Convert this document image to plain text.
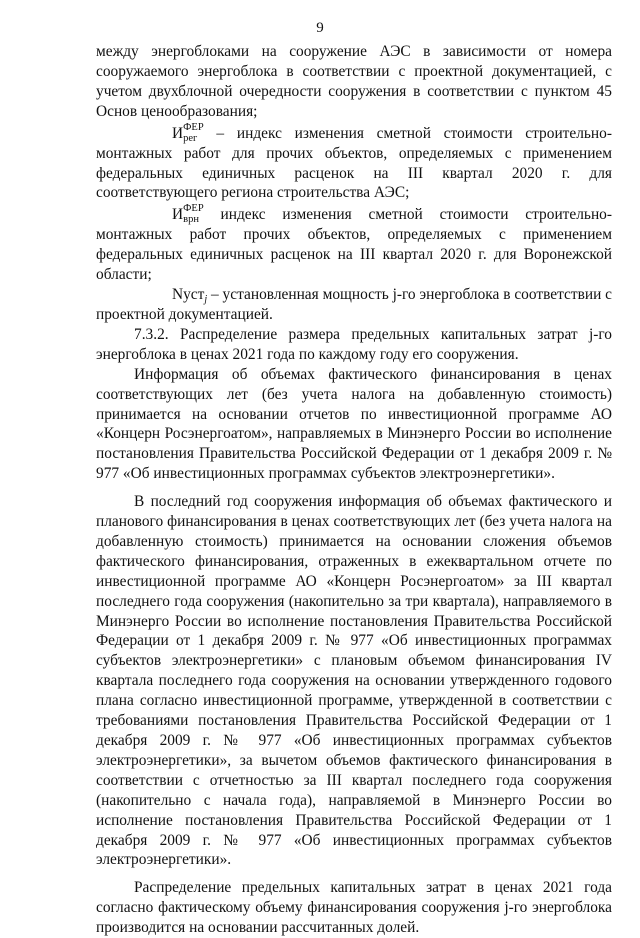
9

между энергоблоками на сооружение АЭС в зависимости от номера сооружаемого энергоблока в соответствии с проектной документацией, с учетом двухблочной очередности сооружения в соответствии с пунктом 45 Основ ценообразования;

И ФЕР
рег – индекс изменения сметной стоимости строительно-монтажных работ для прочих объектов, определяемых с применением федеральных единичных расценок на III квартал 2020 г. для соответствующего региона строительства АЭС;

И ФЕР
врн индекс изменения сметной стоимости строительно-монтажных работ прочих объектов, определяемых с применением федеральных единичных расценок на III квартал 2020 г. для Воронежской области;

Nуст$_j$ – установленная мощность j-го энергоблока в соответствии с проектной документацией.

7.3.2. Распределение размера предельных капитальных затрат j-го энергоблока в ценах 2021 года по каждому году его сооружения.

Информация об объемах фактического финансирования в ценах соответствующих лет (без учета налога на добавленную стоимость) принимается на основании отчетов по инвестиционной программе АО «Концерн Росэнергоатом», направляемых в Минэнерго России во исполнение постановления Правительства Российской Федерации от 1 декабря 2009 г. № 977 «Об инвестиционных программах субъектов электроэнергетики».

В последний год сооружения информация об объемах фактического и планового финансирования в ценах соответствующих лет (без учета налога на добавленную стоимость) принимается на основании сложения объемов фактического финансирования, отраженных в ежеквартальном отчете по инвестиционной программе АО «Концерн Росэнергоатом» за III квартал последнего года сооружения (накопительно за три квартала), направляемого в Минэнерго России во исполнение постановления Правительства Российской Федерации от 1 декабря 2009 г. № 977 «Об инвестиционных программах субъектов электроэнергетики» с плановым объемом финансирования IV квартала последнего года сооружения на основании утвержденного годового плана согласно инвестиционной программе, утвержденной в соответствии с требованиями постановления Правительства Российской Федерации от 1 декабря 2009 г. № 977 «Об инвестиционных программах субъектов электроэнергетики», за вычетом объемов фактического финансирования в соответствии с отчетностью за III квартал последнего года сооружения (накопительно с начала года), направляемой в Минэнерго России во исполнение постановления Правительства Российской Федерации от 1 декабря 2009 г. № 977 «Об инвестиционных программах субъектов электроэнергетики».

Распределение предельных капитальных затрат в ценах 2021 года согласно фактическому объему финансирования сооружения j-го энергоблока производится на основании рассчитанных долей.
